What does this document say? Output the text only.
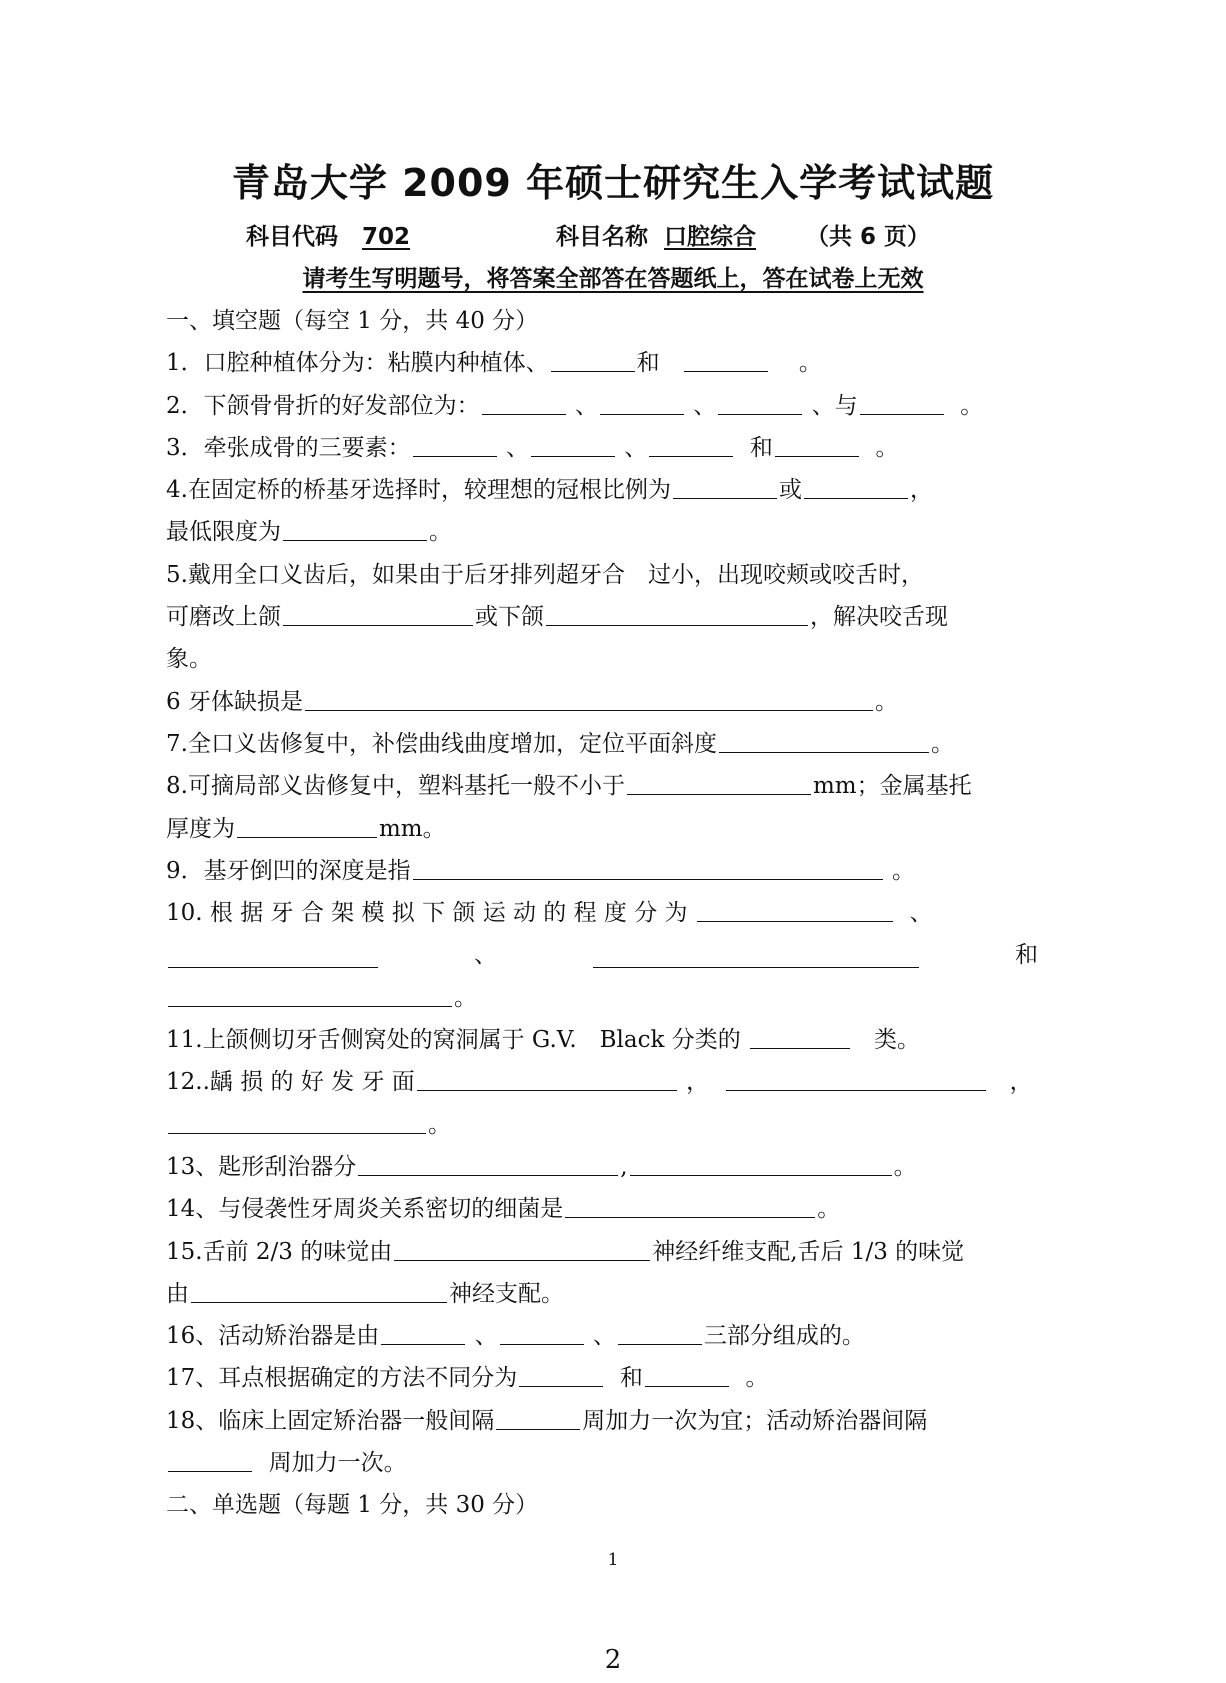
青岛大学 2009 年硕士研究生入学考试试题
科目代码 702	科目名称 口腔综合 （共 6 页）
请考生写明题号，将答案全部答在答题纸上，答在试卷上无效
一、填空题（每空 1 分，共 40 分）
1．口腔种植体分为：粘膜内种植体、	和	。
2．下颌骨骨折的好发部位为：	、	、	、与	。
3．牵张成骨的三要素：	、	、	和	。
4.在固定桥的桥基牙选择时，较理想的冠根比例为	或	，
最低限度为	。
5.戴用全口义齿后，如果由于后牙排列超牙合　过小，出现咬颊或咬舌时，
可磨改上颌	或下颌	，解决咬舌现
象。
6 牙体缺损是	。
7.全口义齿修复中，补偿曲线曲度增加，定位平面斜度	。
8.可摘局部义齿修复中，塑料基托一般不小于	mm；金属基托
厚度为	mm。
9．基牙倒凹的深度是指	。
10. 根 据 牙 合 架 模 拟 下 颌 运 动 的 程 度 分 为	、
、	和
。
11.上颌侧切牙舌侧窝处的窝洞属于 G.V.　Black 分类的	类。
12..龋 损 的 好 发 牙 面	，	，
。
13、匙形刮治器分	,	。
14、与侵袭性牙周炎关系密切的细菌是	。
15.舌前 2/3 的味觉由	神经纤维支配,舌后 1/3 的味觉
由	神经支配。
16、活动矫治器是由	、	、	三部分组成的。
17、耳点根据确定的方法不同分为	和	。
18、临床上固定矫治器一般间隔	周加力一次为宜；活动矫治器间隔
周加力一次。
二、单选题（每题 1 分，共 30 分）
1
2
